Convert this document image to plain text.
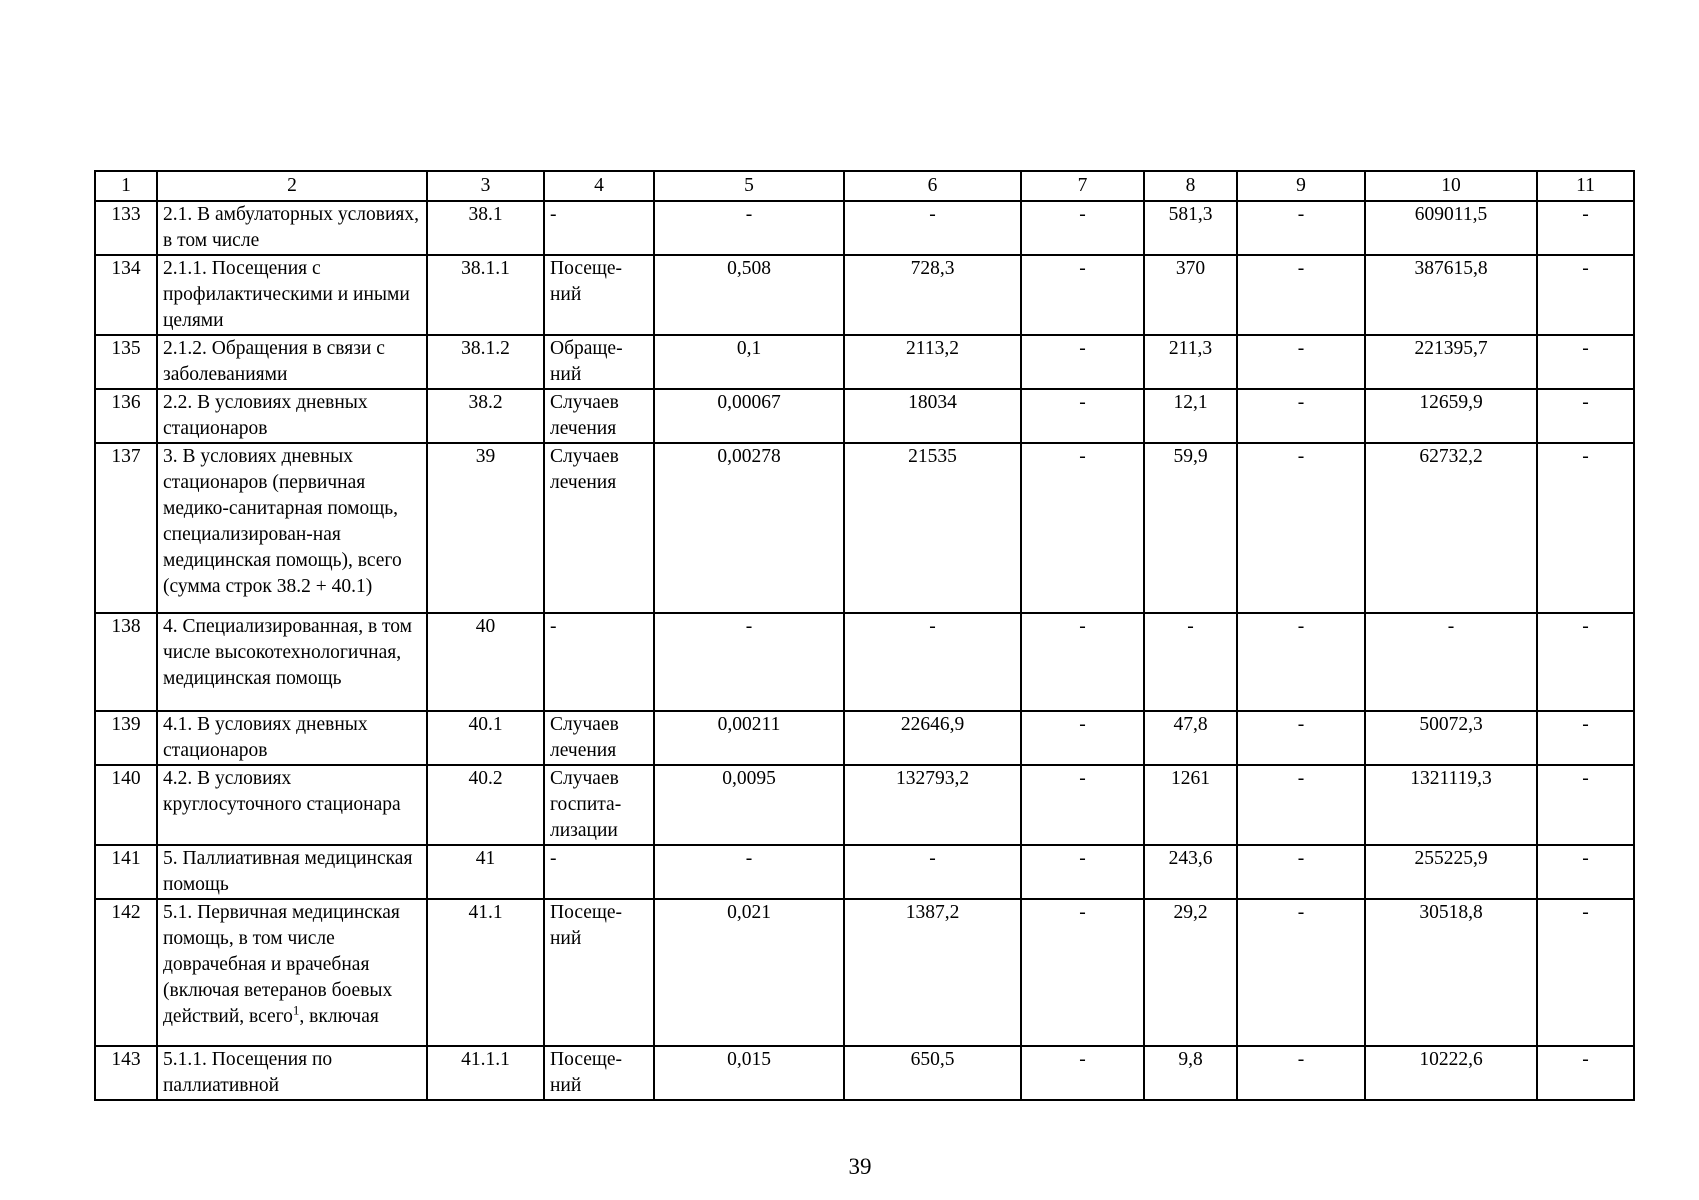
1	2	3	4	5	6	7	8	9	10	11
133	2.1. В амбулаторных условиях, в том числе	38.1	-	-	-	-	581,3	-	609011,5	-
134	2.1.1. Посещения с профилактическими и иными целями	38.1.1	Посеще-ний	0,508	728,3	-	370	-	387615,8	-
135	2.1.2. Обращения в связи с заболеваниями	38.1.2	Обраще-ний	0,1	2113,2	-	211,3	-	221395,7	-
136	2.2. В условиях дневных стационаров	38.2	Случаев лечения	0,00067	18034	-	12,1	-	12659,9	-
137	3. В условиях дневных стационаров (первичная медико-санитарная помощь, специализирован-ная медицинская помощь), всего (сумма строк 38.2 + 40.1)	39	Случаев лечения	0,00278	21535	-	59,9	-	62732,2	-
138	4. Специализированная, в том числе высокотехнологичная, медицинская помощь	40	-	-	-	-	-	-	-	-
139	4.1. В условиях дневных стационаров	40.1	Случаев лечения	0,00211	22646,9	-	47,8	-	50072,3	-
140	4.2. В условиях круглосуточного стационара	40.2	Случаев госпита-лизации	0,0095	132793,2	-	1261	-	1321119,3	-
141	5. Паллиативная медицинская помощь	41	-	-	-	-	243,6	-	255225,9	-
142	5.1. Первичная медицинская помощь, в том числе доврачебная и врачебная (включая ветеранов боевых действий, всего$^1$, включая	41.1	Посеще-ний	0,021	1387,2	-	29,2	-	30518,8	-
143	5.1.1. Посещения по паллиативной	41.1.1	Посеще-ний	0,015	650,5	-	9,8	-	10222,6	-
39
